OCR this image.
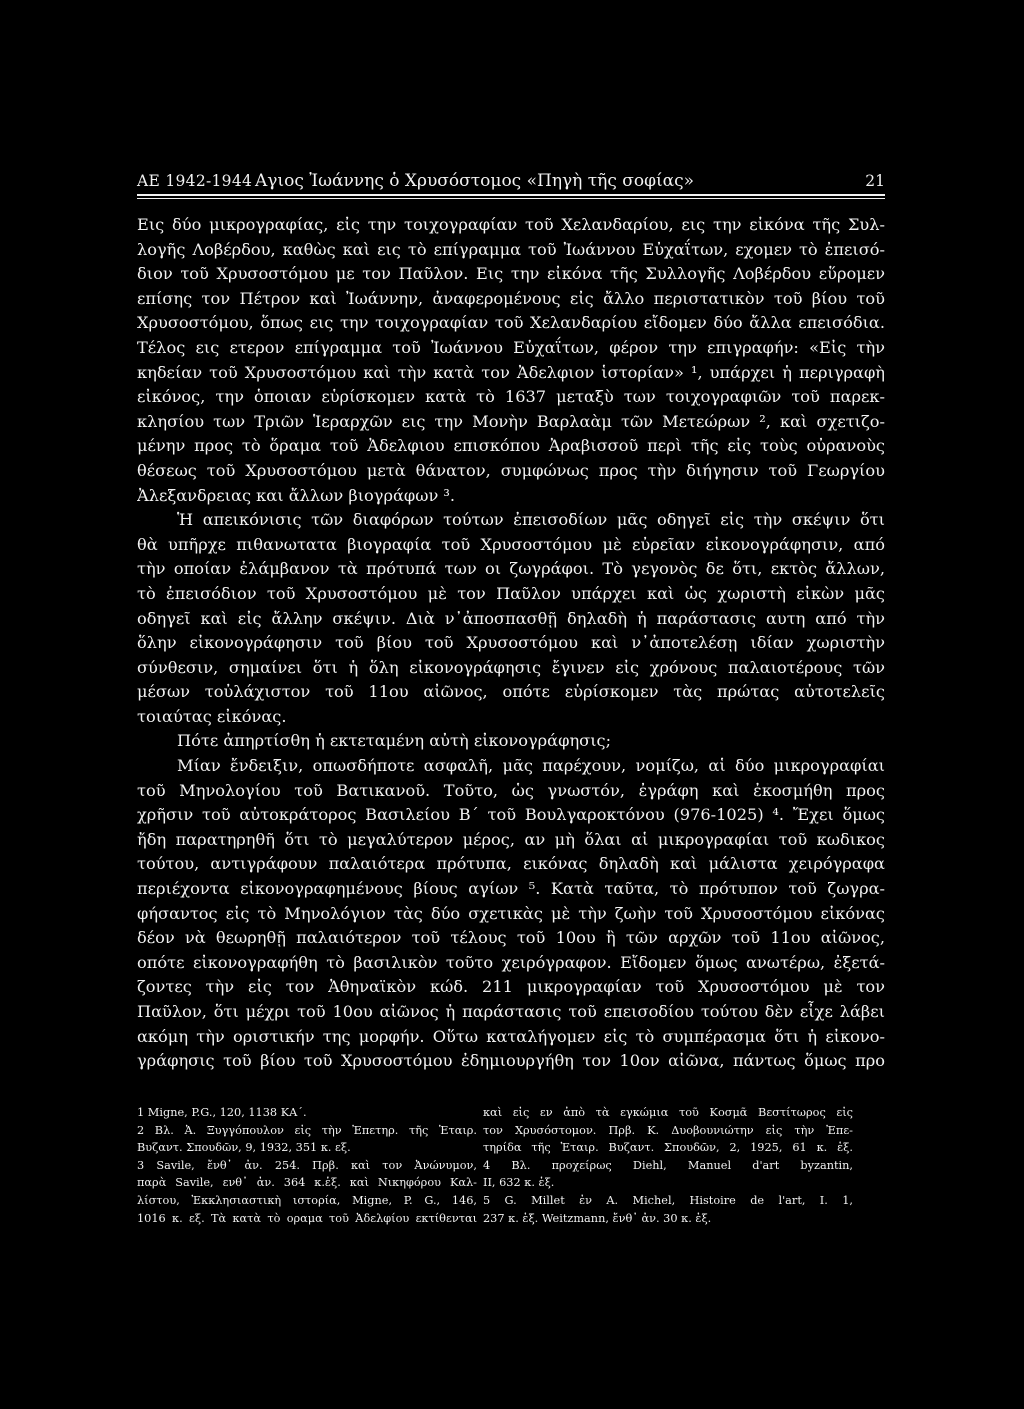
ΑΕ 1942-1944 Αγιος Ἰωάννης ὁ Χρυσόστομος «Πηγὴ τῆς σοφίας»	21
Εις δύο μικρογραφίας, εἰς την τοιχογραφίαν τοῦ Χελανδαρίου, εις την εἰκόνα τῆς Συλ-
λογῆς Λοβέρδου, καθὼς καὶ εις τὸ επίγραμμα τοῦ Ἰωάννου Εὐχαΐτων, εχομεν τὸ ἐπεισό-
διον τοῦ Χρυσοστόμου με τον Παῦλον. Εις την εἰκόνα τῆς Συλλογῆς Λοβέρδου εὕρομεν
επίσης τον Πέτρον καὶ Ἰωάννην, ἀναφερομένους εἰς ἄλλο περιστατικὸν τοῦ βίου τοῦ
Χρυσοστόμου, ὅπως εις την τοιχογραφίαν τοῦ Χελανδαρίου εἴδομεν δύο ἄλλα επεισόδια.
Τέλος εις ετερον επίγραμμα τοῦ Ἰωάννου Εὐχαΐτων, φέρον την επιγραφήν: «Εἰς τὴν
κηδείαν τοῦ Χρυσοστόμου καὶ τὴν κατὰ τον Ἀδελφιον ἱστορίαν» ¹, υπάρχει ἡ περιγραφὴ
εἰκόνος, την ὁποιαν εὑρίσκομεν κατὰ τὸ 1637 μεταξὺ των τοιχογραφιῶν τοῦ παρεκ-
κλησίου των Τριῶν Ἱεραρχῶν εις την Μονὴν Βαρλαὰμ τῶν Μετεώρων ², καὶ σχετιζο-
μένην προς τὸ ὅραμα τοῦ Ἀδελφιου επισκόπου Ἀραβισσοῦ περὶ τῆς εἰς τοὺς οὐρανοὺς
θέσεως τοῦ Χρυσοστόμου μετὰ θάνατον, συμφώνως προς τὴν διήγησιν τοῦ Γεωργίου
Ἀλεξανδρειας και ἄλλων βιογράφων ³.
Ἡ απεικόνισις τῶν διαφόρων τούτων ἐπεισοδίων μᾶς οδηγεῖ εἰς τὴν σκέψιν ὅτι
θὰ υπῆρχε πιθανωτατα βιογραφία τοῦ Χρυσοστόμου μὲ εὐρεῖαν εἰκονογράφησιν, από
τὴν οποίαν ἐλάμβανον τὰ πρότυπά των οι ζωγράφοι. Τὸ γεγονὸς δε ὅτι, εκτὸς ἄλλων,
τὸ ἐπεισόδιον τοῦ Χρυσοστόμου μὲ τον Παῦλον υπάρχει καὶ ὡς χωριστὴ εἰκὼν μᾶς
οδηγεῖ καὶ εἰς ἄλλην σκέψιν. Διὰ ν᾿ἀποσπασθῇ δηλαδὴ ἡ παράστασις αυτη από τὴν
ὅλην εἰκονογράφησιν τοῦ βίου τοῦ Χρυσοστόμου καὶ ν᾿ἀποτελέσῃ ιδίαν χωριστὴν
σύνθεσιν, σημαίνει ὅτι ἡ ὅλη εἰκονογράφησις ἔγινεν εἰς χρόνους παλαιοτέρους τῶν
μέσων τοὐλάχιστον τοῦ 11ου αἰῶνος, οπότε εὑρίσκομεν τὰς πρώτας αὐτοτελεῖς
τοιαύτας εἰκόνας.
Πότε ἀπηρτίσθη ἡ εκτεταμένη αὐτὴ εἰκονογράφησις;
Μίαν ἔνδειξιν, οπωσδήποτε ασφαλῆ, μᾶς παρέχουν, νομίζω, αἱ δύο μικρογραφίαι
τοῦ Μηνολογίου τοῦ Βατικανοῦ. Τοῦτο, ὡς γνωστόν, ἐγράφη καὶ ἐκοσμήθη προς
χρῆσιν τοῦ αὐτοκράτορος Βασιλείου Β΄ τοῦ Βουλγαροκτόνου (976-1025) ⁴. Ἔχει ὅμως
ἤδη παρατηρηθῆ ὅτι τὸ μεγαλύτερον μέρος, αν μὴ ὅλαι αἱ μικρογραφίαι τοῦ κωδικος
τούτου, αντιγράφουν παλαιότερα πρότυπα, εικόνας δηλαδὴ καὶ μάλιστα χειρόγραφα
περιέχοντα εἰκονογραφημένους βίους αγίων ⁵. Κατὰ ταῦτα, τὸ πρότυπον τοῦ ζωγρα-
φήσαντος εἰς τὸ Μηνολόγιον τὰς δύο σχετικὰς μὲ τὴν ζωὴν τοῦ Χρυσοστόμου εἰκόνας
δέον νὰ θεωρηθῇ παλαιότερον τοῦ τέλους τοῦ 10ου ἢ τῶν αρχῶν τοῦ 11ου αἰῶνος,
οπότε εἰκονογραφήθη τὸ βασιλικὸν τοῦτο χειρόγραφον. Εἴδομεν ὅμως ανωτέρω, ἐξετά-
ζοντες τὴν εἰς τον Ἀθηναϊκὸν κώδ. 211 μικρογραφίαν τοῦ Χρυσοστόμου μὲ τον
Παῦλον, ὅτι μέχρι τοῦ 10ου αἰῶνος ἡ παράστασις τοῦ επεισοδίου τούτου δὲν εἶχε λάβει
ακόμη τὴν οριστικήν της μορφήν. Οὕτω καταλήγομεν εἰς τὸ συμπέρασμα ὅτι ἡ εἰκονο-
γράφησις τοῦ βίου τοῦ Χρυσοστόμου ἐδημιουργήθη τον 10ον αἰῶνα, πάντως ὅμως προ
1 Migne, P.G., 120, 1138 ΚΑ΄.
2 Βλ. Ἀ. Ξυγγόπουλον εἰς τὴν Ἐπετηρ. τῆς Ἑταιρ.
Βυζαντ. Σπουδῶν, 9, 1932, 351 κ. εξ.
3 Savile, ἔνθ᾿ ἀν. 254. Πρβ. καὶ τον Ἀνώνυμον,
παρὰ Savile, ενθ᾿ ἀν. 364 κ.ἑξ. καὶ Νικηφόρου Καλ-
λίστου, Ἐκκλησιαστικὴ ιστορία, Migne, P. G., 146,
1016 κ. εξ. Τὰ κατὰ τὸ οραμα τοῦ Ἀδελφίου εκτίθενται
καὶ εἰς εν ἀπὸ τὰ εγκώμια τοῦ Κοσμᾶ Βεστίτωρος εἰς
τον Χρυσόστομον. Πρβ. Κ. Δυοβουνιώτην εἰς τὴν Ἐπε-
τηρίδα τῆς Ἑταιρ. Βυζαντ. Σπουδῶν, 2, 1925, 61 κ. ἑξ.
4 Βλ. προχείρως Diehl, Manuel d'art byzantin,
II, 632 κ. ἑξ.
5 G. Millet ἐν A. Michel, Histoire de l'art, I. 1,
237 κ. ἑξ. Weitzmann, ἔνθ᾿ ἀν. 30 κ. ἑξ.
